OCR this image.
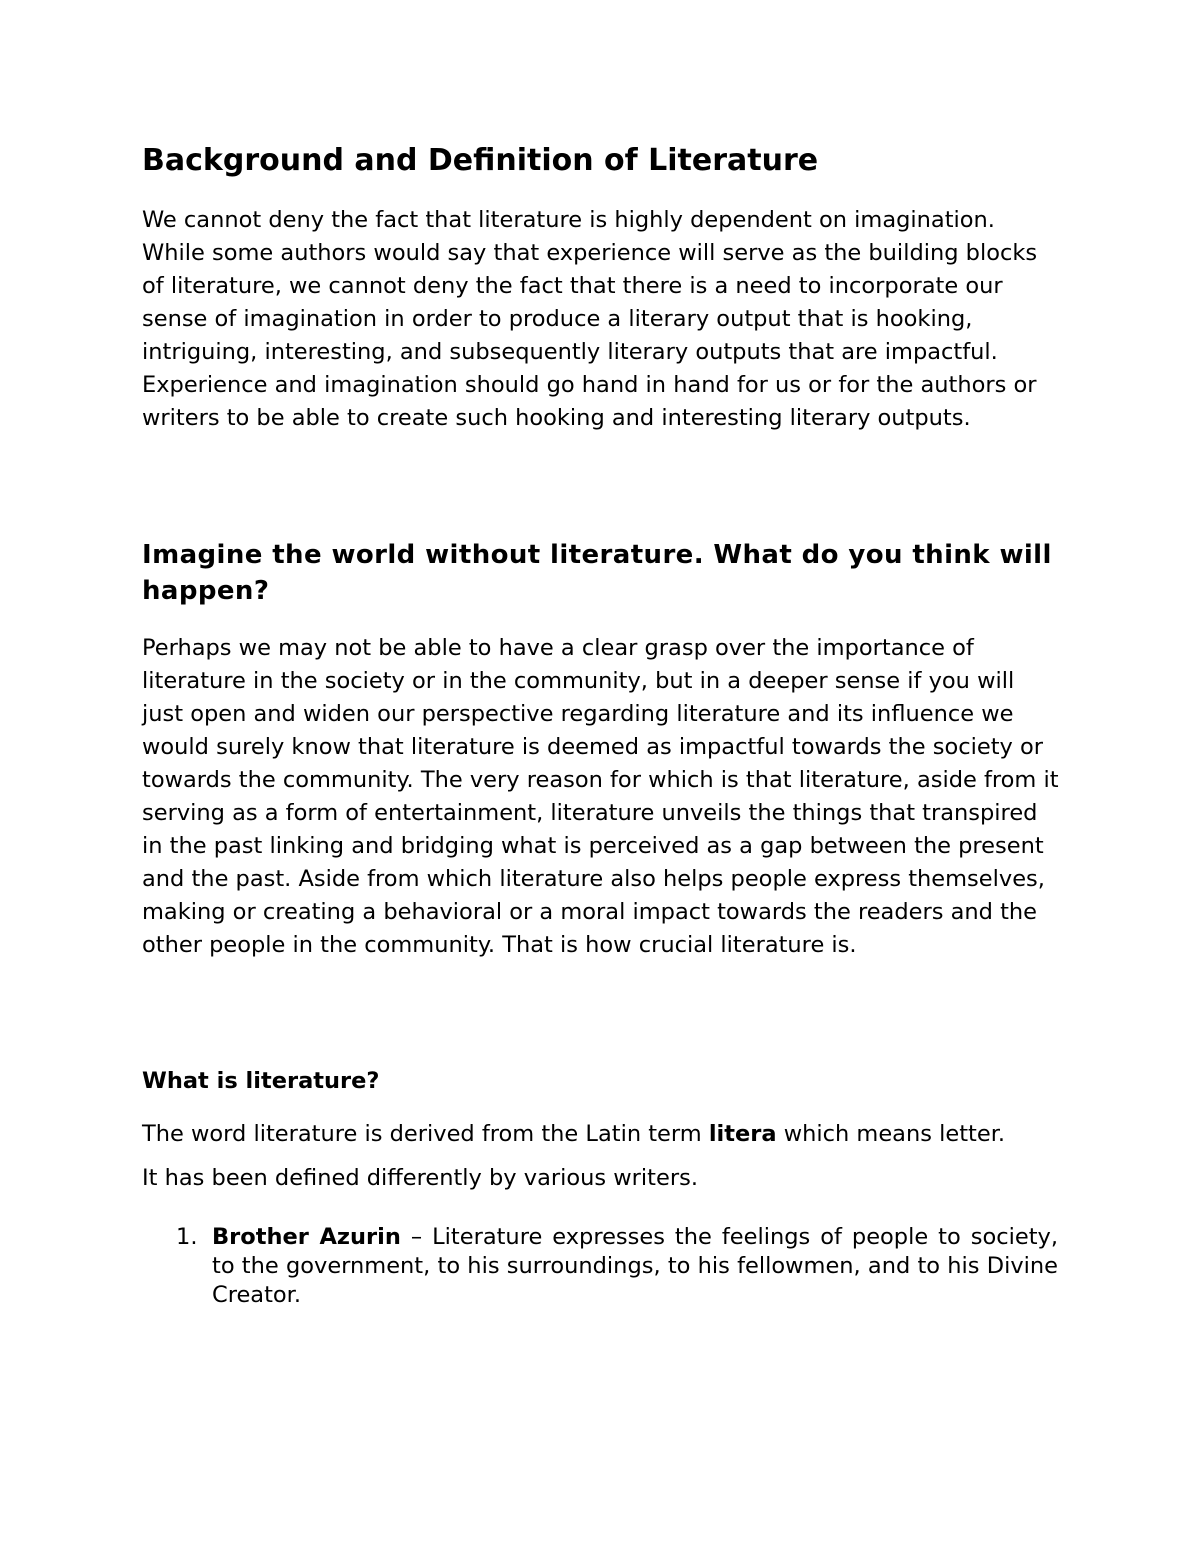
Background and Definition of Literature

We cannot deny the fact that literature is highly dependent on imagination. While some authors would say that experience will serve as the building blocks of literature, we cannot deny the fact that there is a need to incorporate our sense of imagination in order to produce a literary output that is hooking, intriguing, interesting, and subsequently literary outputs that are impactful. Experience and imagination should go hand in hand for us or for the authors or writers to be able to create such hooking and interesting literary outputs.

Imagine the world without literature. What do you think will happen?

Perhaps we may not be able to have a clear grasp over the importance of literature in the society or in the community, but in a deeper sense if you will just open and widen our perspective regarding literature and its influence we would surely know that literature is deemed as impactful towards the society or towards the community. The very reason for which is that literature, aside from it serving as a form of entertainment, literature unveils the things that transpired in the past linking and bridging what is perceived as a gap between the present and the past. Aside from which literature also helps people express themselves, making or creating a behavioral or a moral impact towards the readers and the other people in the community. That is how crucial literature is.

What is literature?

The word literature is derived from the Latin term litera which means letter.

It has been defined differently by various writers.

1. Brother Azurin – Literature expresses the feelings of people to society, to the government, to his surroundings, to his fellowmen, and to his Divine Creator.
